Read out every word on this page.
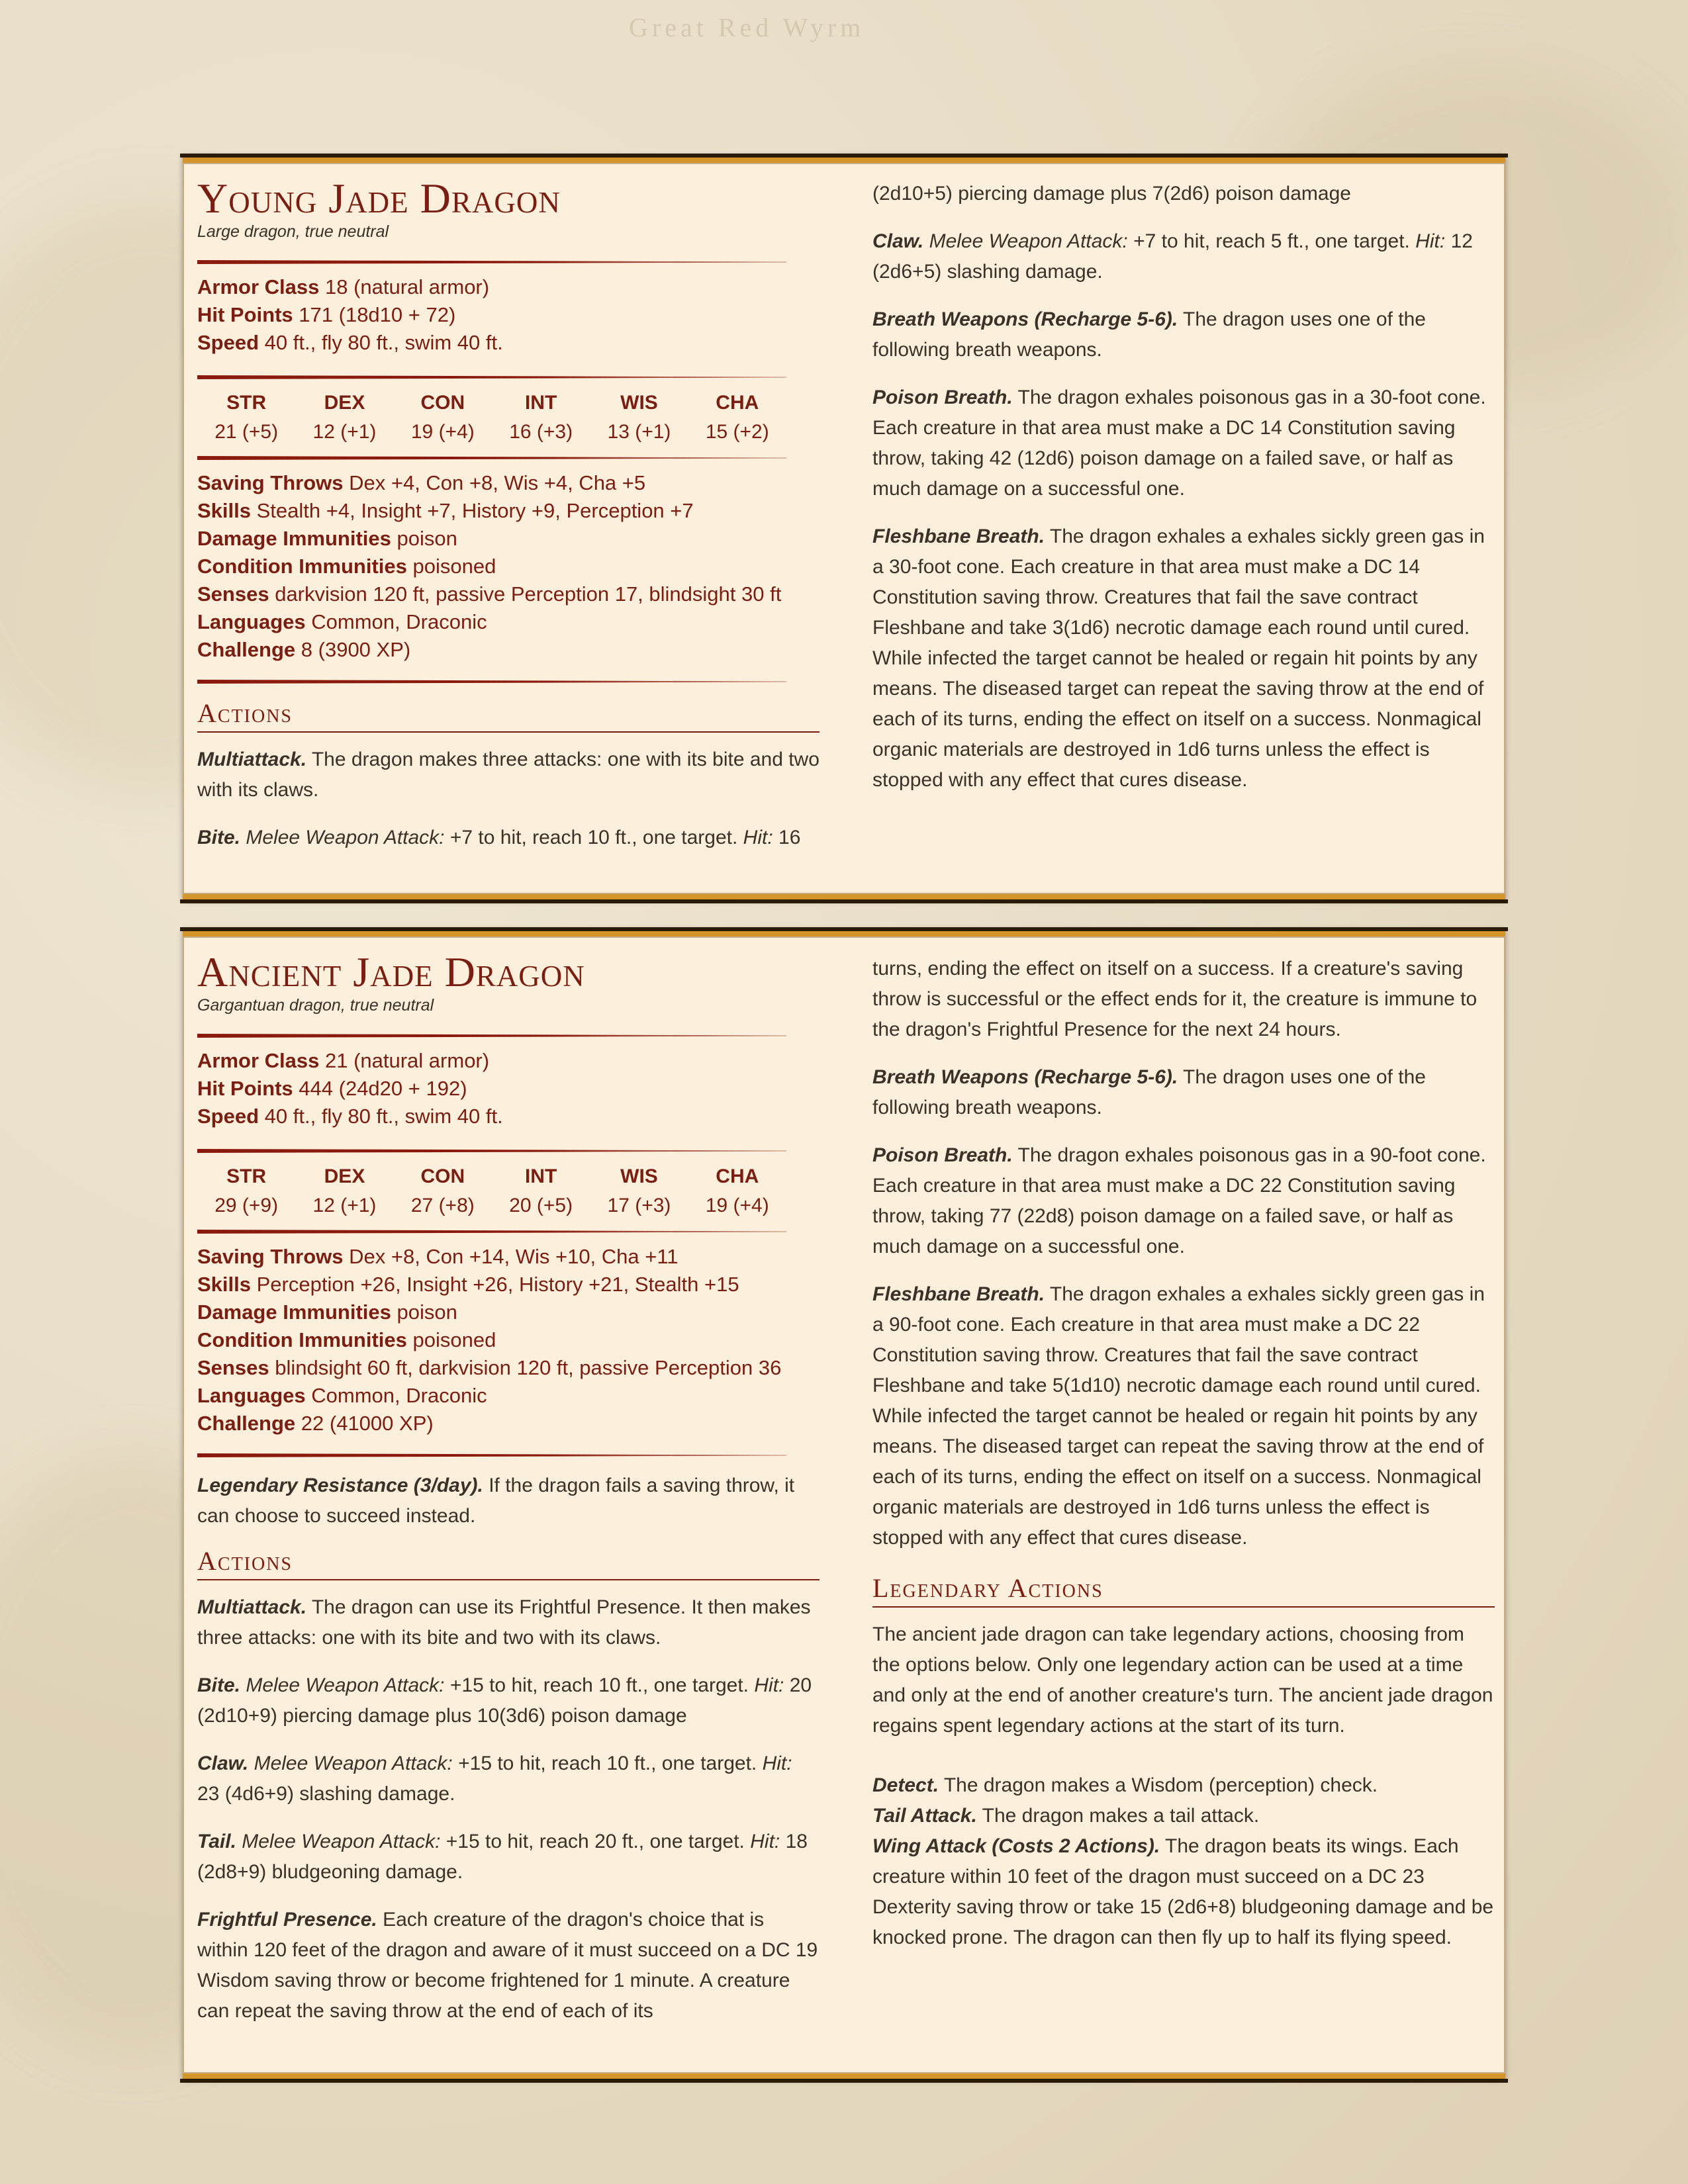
Great Red Wyrm
Young Jade Dragon
Large dragon, true neutral
Armor Class 18 (natural armor)
Hit Points 171 (18d10 + 72)
Speed 40 ft., fly 80 ft., swim 40 ft.
STR
21 (+5)
DEX
12 (+1)
CON
19 (+4)
INT
16 (+3)
WIS
13 (+1)
CHA
15 (+2)
Saving Throws Dex +4, Con +8, Wis +4, Cha +5
Skills Stealth +4, Insight +7, History +9, Perception +7
Damage Immunities poison
Condition Immunities poisoned
Senses darkvision 120 ft, passive Perception 17, blindsight 30 ft
Languages Common, Draconic
Challenge 8 (3900 XP)
Actions
Multiattack. The dragon makes three attacks: one with its bite and two with its claws.
Bite. Melee Weapon Attack: +7 to hit, reach 10 ft., one target. Hit: 16
(2d10+5) piercing damage plus 7(2d6) poison damage
Claw. Melee Weapon Attack: +7 to hit, reach 5 ft., one target. Hit: 12 (2d6+5) slashing damage.
Breath Weapons (Recharge 5-6). The dragon uses one of the following breath weapons.
Poison Breath. The dragon exhales poisonous gas in a 30-foot cone. Each creature in that area must make a DC 14 Constitution saving throw, taking 42 (12d6) poison damage on a failed save, or half as much damage on a successful one.
Fleshbane Breath. The dragon exhales a exhales sickly green gas in a 30-foot cone. Each creature in that area must make a DC 14 Constitution saving throw. Creatures that fail the save contract Fleshbane and take 3(1d6) necrotic damage each round until cured. While infected the target cannot be healed or regain hit points by any means. The diseased target can repeat the saving throw at the end of each of its turns, ending the effect on itself on a success. Nonmagical organic materials are destroyed in 1d6 turns unless the effect is stopped with any effect that cures disease.
Ancient Jade Dragon
Gargantuan dragon, true neutral
Armor Class 21 (natural armor)
Hit Points 444 (24d20 + 192)
Speed 40 ft., fly 80 ft., swim 40 ft.
STR
29 (+9)
DEX
12 (+1)
CON
27 (+8)
INT
20 (+5)
WIS
17 (+3)
CHA
19 (+4)
Saving Throws Dex +8, Con +14, Wis +10, Cha +11
Skills Perception +26, Insight +26, History +21, Stealth +15
Damage Immunities poison
Condition Immunities poisoned
Senses blindsight 60 ft, darkvision 120 ft, passive Perception 36
Languages Common, Draconic
Challenge 22 (41000 XP)
Legendary Resistance (3/day). If the dragon fails a saving throw, it can choose to succeed instead.
Actions
Multiattack. The dragon can use its Frightful Presence. It then makes three attacks: one with its bite and two with its claws.
Bite. Melee Weapon Attack: +15 to hit, reach 10 ft., one target. Hit: 20 (2d10+9) piercing damage plus 10(3d6) poison damage
Claw. Melee Weapon Attack: +15 to hit, reach 10 ft., one target. Hit: 23 (4d6+9) slashing damage.
Tail. Melee Weapon Attack: +15 to hit, reach 20 ft., one target. Hit: 18 (2d8+9) bludgeoning damage.
Frightful Presence. Each creature of the dragon's choice that is within 120 feet of the dragon and aware of it must succeed on a DC 19 Wisdom saving throw or become frightened for 1 minute. A creature can repeat the saving throw at the end of each of its
turns, ending the effect on itself on a success. If a creature's saving throw is successful or the effect ends for it, the creature is immune to the dragon's Frightful Presence for the next 24 hours.
Breath Weapons (Recharge 5-6). The dragon uses one of the following breath weapons.
Poison Breath. The dragon exhales poisonous gas in a 90-foot cone. Each creature in that area must make a DC 22 Constitution saving throw, taking 77 (22d8) poison damage on a failed save, or half as much damage on a successful one.
Fleshbane Breath. The dragon exhales a exhales sickly green gas in a 90-foot cone. Each creature in that area must make a DC 22 Constitution saving throw. Creatures that fail the save contract Fleshbane and take 5(1d10) necrotic damage each round until cured. While infected the target cannot be healed or regain hit points by any means. The diseased target can repeat the saving throw at the end of each of its turns, ending the effect on itself on a success. Nonmagical organic materials are destroyed in 1d6 turns unless the effect is stopped with any effect that cures disease.
Legendary Actions
The ancient jade dragon can take legendary actions, choosing from the options below. Only one legendary action can be used at a time and only at the end of another creature's turn. The ancient jade dragon regains spent legendary actions at the start of its turn.
Detect. The dragon makes a Wisdom (perception) check.
Tail Attack. The dragon makes a tail attack.
Wing Attack (Costs 2 Actions). The dragon beats its wings. Each creature within 10 feet of the dragon must succeed on a DC 23 Dexterity saving throw or take 15 (2d6+8) bludgeoning damage and be knocked prone. The dragon can then fly up to half its flying speed.
